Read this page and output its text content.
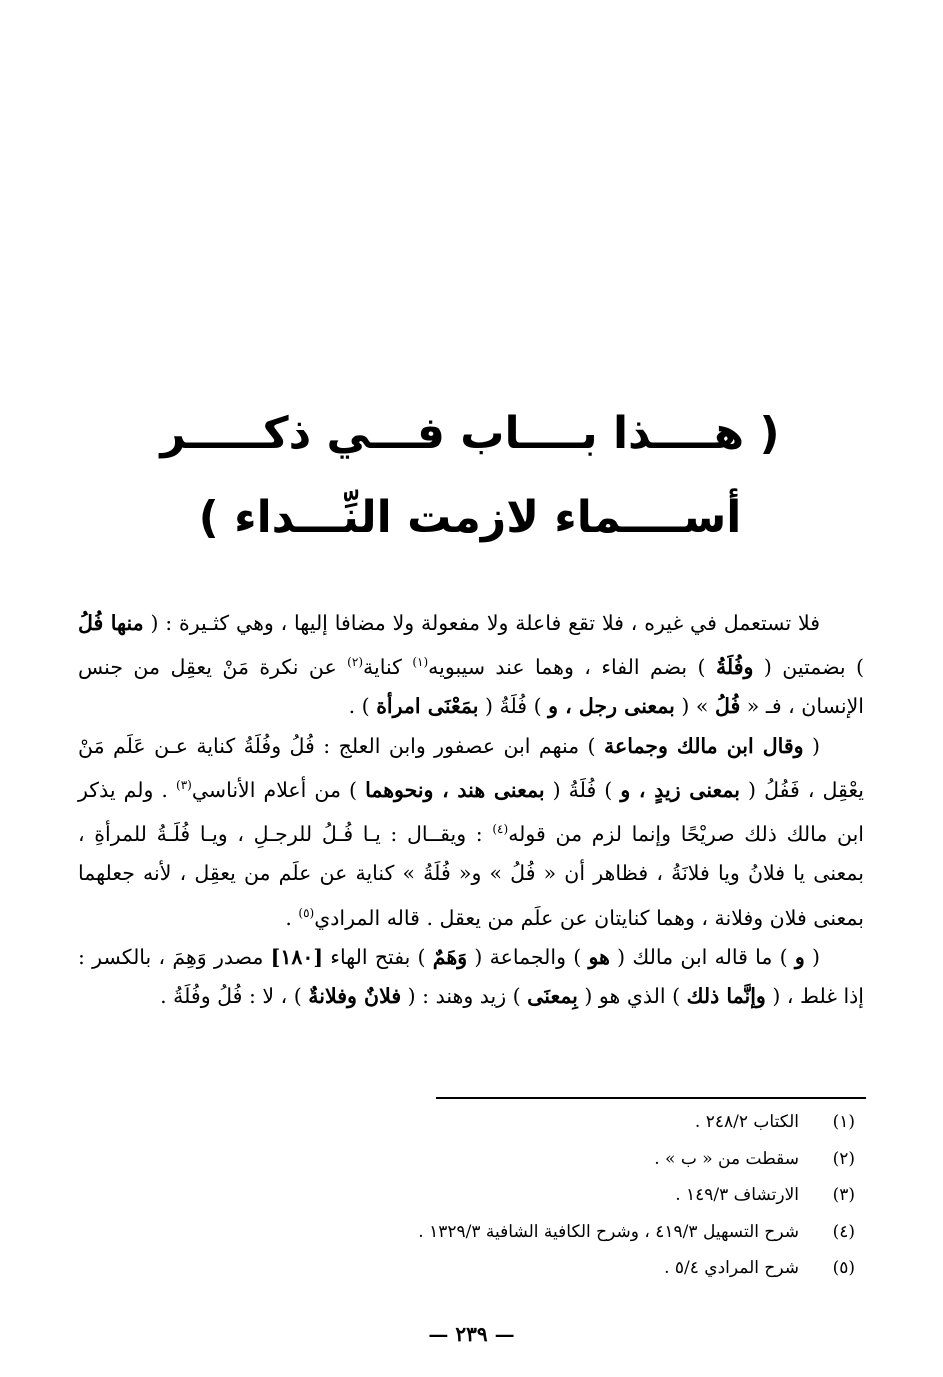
( هــــذا بــــاب فـــي ذكـــــر
أســــماء لازمت النِّـــداء )

فلا تستعمل في غيره ، فلا تقع فاعلة ولا مفعولة ولا مضافا إليها ، وهي كثـيرة : ( منها فُلُ ) بضمتين ( وفُلَةُ ) بضم الفاء ، وهما عند سيبويه$^{(١)}$ كناية$^{(٢)}$ عن نكرة مَنْ يعقِل من جنس الإنسان ، فـ « فُلُ » ( بمعنى رجل ، و ) فُلَةُ ( بمَعْنَى امرأة ) .

( وقال ابن مالك وجماعة ) منهم ابن عصفور وابن العلج : فُلُ وفُلَةُ كناية عـن عَلَم مَنْ يعْقِل ، فَفُلُ ( بمعنى زيدٍ ، و ) فُلَةُ ( بمعنى هند ، ونحوهما ) من أعلام الأناسي$^{(٣)}$ . ولم يذكر ابن مالك ذلك صريْحًا وإنما لزم من قوله$^{(٤)}$ : ويقــال : يـا فُـلُ للرجـلِ ، ويـا فُلَـةُ للمرأةِ ، بمعنى يا فلانُ ويا فلانَةُ ، فظاهر أن « فُلُ » و« فُلَةُ » كناية عن علَم من يعقِل ، لأنه جعلهما بمعنى فلان وفلانة ، وهما كنايتان عن علَم من يعقل . قاله المرادي$^{(٥)}$ .

( و ) ما قاله ابن مالك ( هو ) والجماعة ( وَهَمٌ ) بفتح الهاء [١٨٠] مصدر وَهِمَ ، بالكسر : إذا غلط ، ( وإنَّما ذلك ) الذي هو ( بِمعنَى ) زيد وهند : ( فلانٌ وفلانةٌ ) ، لا : فُلُ وفُلَةُ .

(١)الكتاب ٢٤٨/٢ .
(٢)سقطت من « ب » .
(٣)الارتشاف ١٤٩/٣ .
(٤)شرح التسهيل ٤١٩/٣ ، وشرح الكافية الشافية ١٣٢٩/٣ .
(٥)شرح المرادي ٥/٤ .
— ٢٣٩ —
